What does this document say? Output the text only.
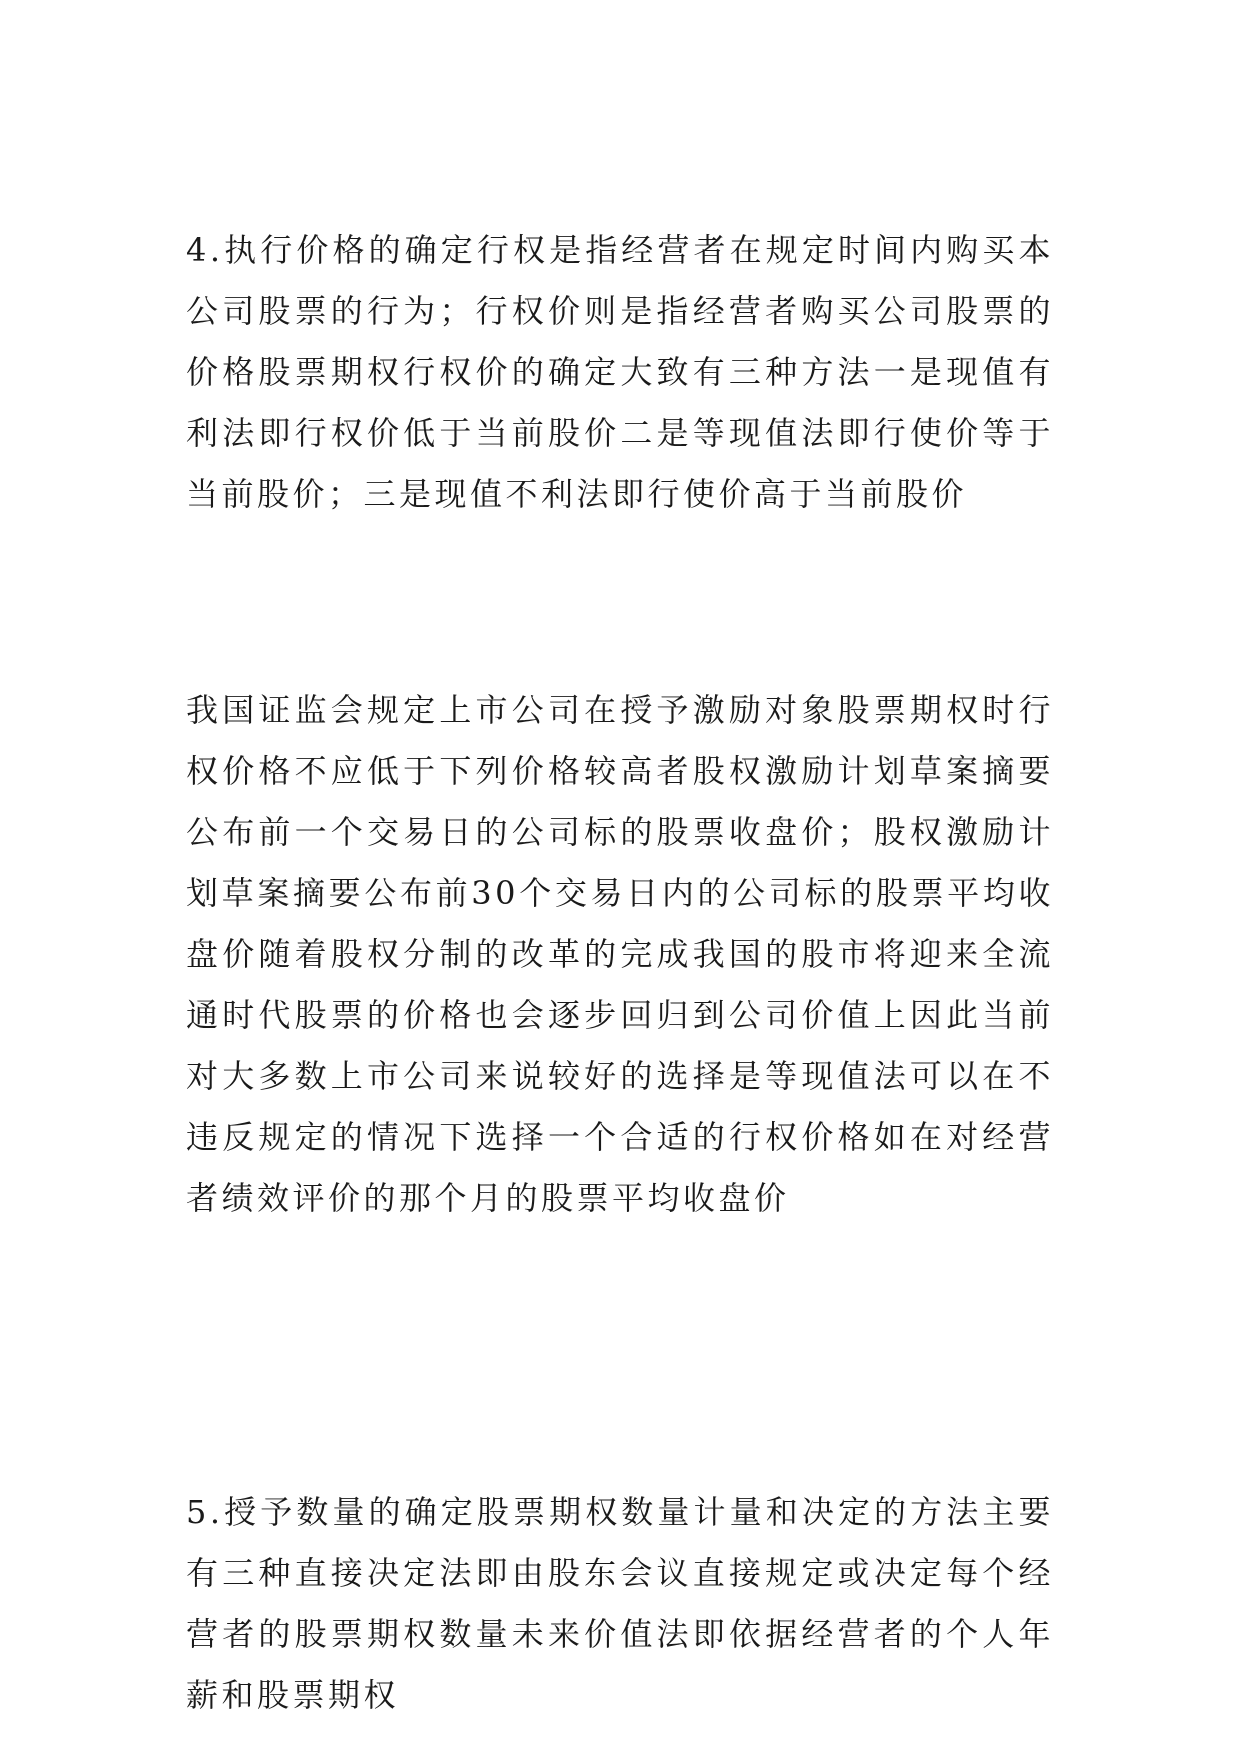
4.执行价格的确定行权是指经营者在规定时间内购买本公司股票的行为；行权价则是指经营者购买公司股票的价格股票期权行权价的确定大致有三种方法一是现值有利法即行权价低于当前股价二是等现值法即行使价等于当前股价；三是现值不利法即行使价高于当前股价

我国证监会规定上市公司在授予激励对象股票期权时行权价格不应低于下列价格较高者股权激励计划草案摘要公布前一个交易日的公司标的股票收盘价；股权激励计划草案摘要公布前30个交易日内的公司标的股票平均收盘价随着股权分制的改革的完成我国的股市将迎来全流通时代股票的价格也会逐步回归到公司价值上因此当前对大多数上市公司来说较好的选择是等现值法可以在不违反规定的情况下选择一个合适的行权价格如在对经营者绩效评价的那个月的股票平均收盘价

5.授予数量的确定股票期权数量计量和决定的方法主要有三种直接决定法即由股东会议直接规定或决定每个经营者的股票期权数量未来价值法即依据经营者的个人年薪和股票期权
